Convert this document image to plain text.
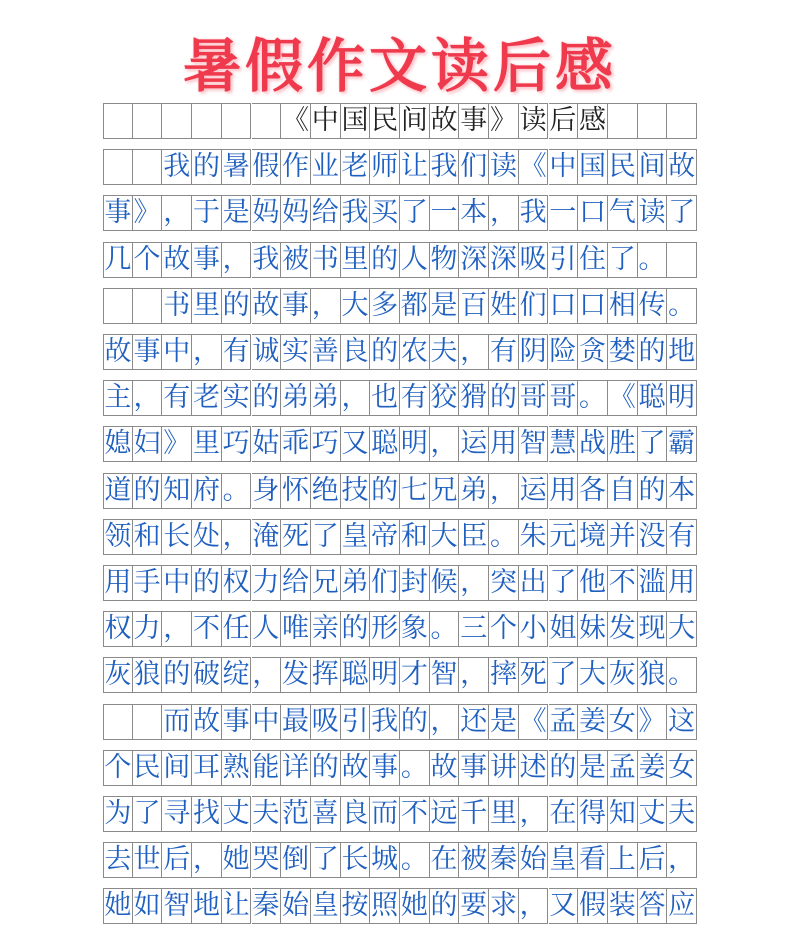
暑假作文读后感
《 中 国 民 间 故 事 》 读 后 感
我 的 暑 假 作 业 老 师 让 我 们 读 《 中 国 民 间 故
事 》 ， 于 是 妈 妈 给 我 买 了 一 本 ， 我 一 口 气 读 了
几 个 故 事 ， 我 被 书 里 的 人 物 深 深 吸 引 住 了 。
书 里 的 故 事 ， 大 多 都 是 百 姓 们 口 口 相 传 。
故 事 中 ， 有 诚 实 善 良 的 农 夫 ， 有 阴 险 贪 婪 的 地
主 ， 有 老 实 的 弟 弟 ， 也 有 狡 猾 的 哥 哥 。 《 聪 明
媳 妇 》 里 巧 姑 乖 巧 又 聪 明 ， 运 用 智 慧 战 胜 了 霸
道 的 知 府 。 身 怀 绝 技 的 七 兄 弟 ， 运 用 各 自 的 本
领 和 长 处 ， 淹 死 了 皇 帝 和 大 臣 。 朱 元 境 并 没 有
用 手 中 的 权 力 给 兄 弟 们 封 候 ， 突 出 了 他 不 滥 用
权 力 ， 不 任 人 唯 亲 的 形 象 。 三 个 小 姐 妹 发 现 大
灰 狼 的 破 绽 ， 发 挥 聪 明 才 智 ， 摔 死 了 大 灰 狼 。
而 故 事 中 最 吸 引 我 的 ， 还 是 《 孟 姜 女 》 这
个 民 间 耳 熟 能 详 的 故 事 。 故 事 讲 述 的 是 孟 姜 女
为 了 寻 找 丈 夫 范 喜 良 而 不 远 千 里 ， 在 得 知 丈 夫
去 世 后 ， 她 哭 倒 了 长 城 。 在 被 秦 始 皇 看 上 后 ，
她 如 智 地 让 秦 始 皇 按 照 她 的 要 求 ， 又 假 装 答 应
